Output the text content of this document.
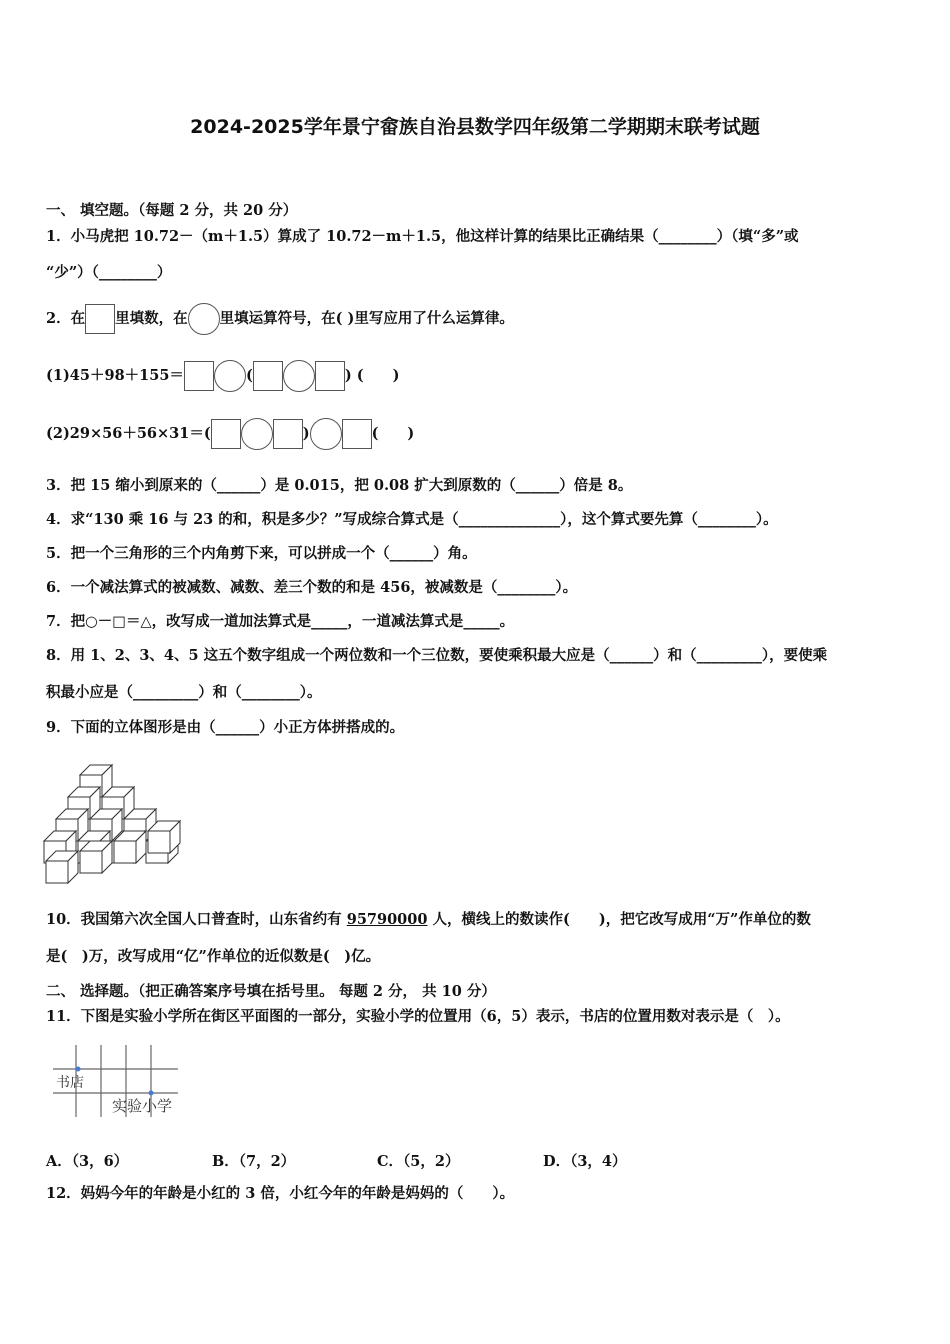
2024-2025学年景宁畲族自治县数学四年级第二学期期末联考试题
一、 填空题。（每题 2 分，共 20 分）
1．小马虎把 10.72－（m＋1.5）算成了 10.72－m＋1.5，他这样计算的结果比正确结果（________）（填“多”或
“少”）（________）
2．在 里填数，在 里填运算符号，在( )里写应用了什么运算律。
(1)45＋98＋155＝	(	) (　　)
(2)29×56＋56×31＝(	)	(　　)
3．把 15 缩小到原来的（______）是 0.015，把 0.08 扩大到原数的（______）倍是 8。
4．求“130 乘 16 与 23 的和，积是多少？”写成综合算式是（______________），这个算式要先算（________）。
5．把一个三角形的三个内角剪下来，可以拼成一个（______）角。
6．一个减法算式的被减数、减数、差三个数的和是 456，被减数是（________）。
7．把○－□＝△，改写成一道加法算式是_____，一道减法算式是_____。
8．用 1、2、3、4、5 这五个数字组成一个两位数和一个三位数，要使乘积最大应是（______）和（_________），要使乘
积最小应是（_________）和（________）。
9．下面的立体图形是由（______）小正方体拼搭成的。
10．我国第六次全国人口普查时，山东省约有 95790000 人，横线上的数读作(　　)，把它改写成用“万”作单位的数
是(　)万，改写成用“亿”作单位的近似数是(　)亿。
二、 选择题。（把正确答案序号填在括号里。 每题 2 分， 共 10 分）
11．下图是实验小学所在街区平面图的一部分，实验小学的位置用（6，5）表示，书店的位置用数对表示是（　）。
书店
实验小学
A．（3，6）	B．（7，2）	C．（5，2）	D．（3，4）
12．妈妈今年的年龄是小红的 3 倍，小红今年的年龄是妈妈的（　　）。
